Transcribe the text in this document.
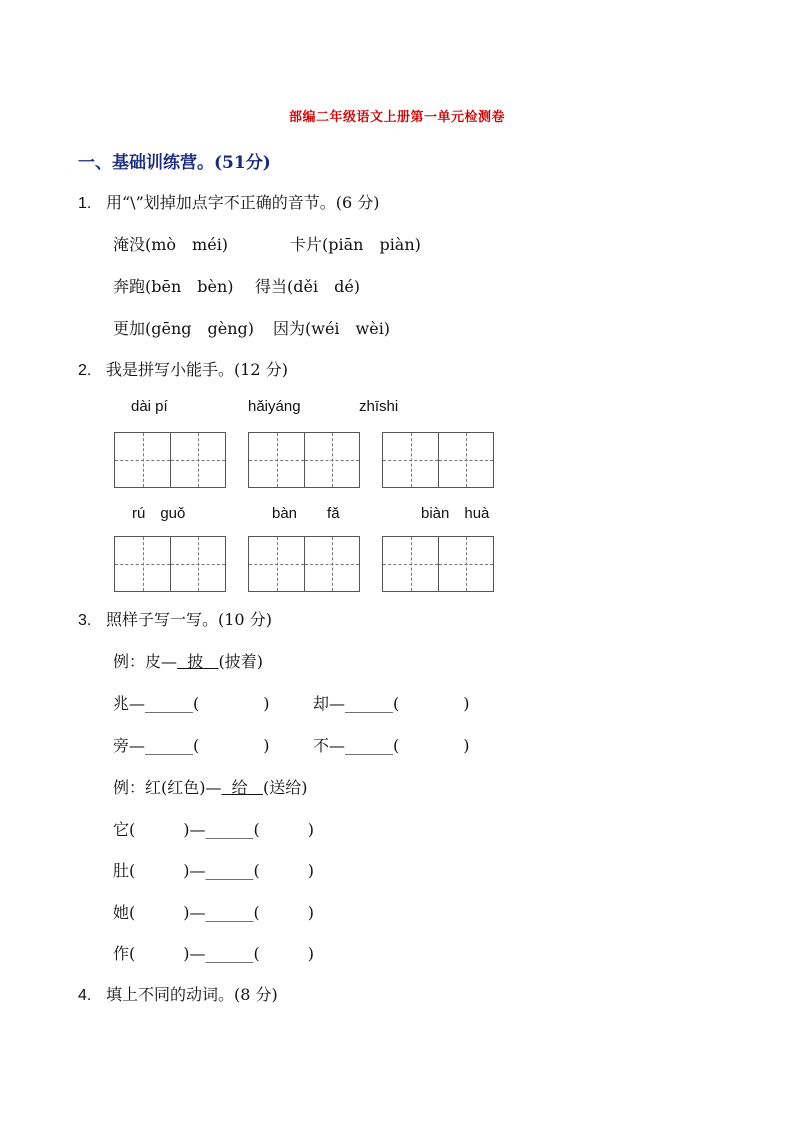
部编二年级语文上册第一单元检测卷
一、基础训练营。(51分)
1. 用“\”划掉加点字不正确的音节。(6 分)
淹没(mò　méi)	卡片(piān　piàn)
奔跑(bēn　bèn) 得当(děi　dé)
更加(gēng　gèng) 因为(wéi　wèi)
2. 我是拼写小能手。(12 分)
dài pí	hǎiyáng	zhīshi
rú　guǒ	bàn　　fǎ	biàn　huà
3. 照样子写一写。(10 分)
例：皮— 披 (披着)
兆—______(　　　　)	却—______(　　　　)
旁—______(　　　　)	不—______(　　　　)
例：红(红色)— 给 (送给)
它(　　　)—______(　　　)
肚(　　　)—______(　　　)
她(　　　)—______(　　　)
作(　　　)—______(　　　)
4. 填上不同的动词。(8 分)
